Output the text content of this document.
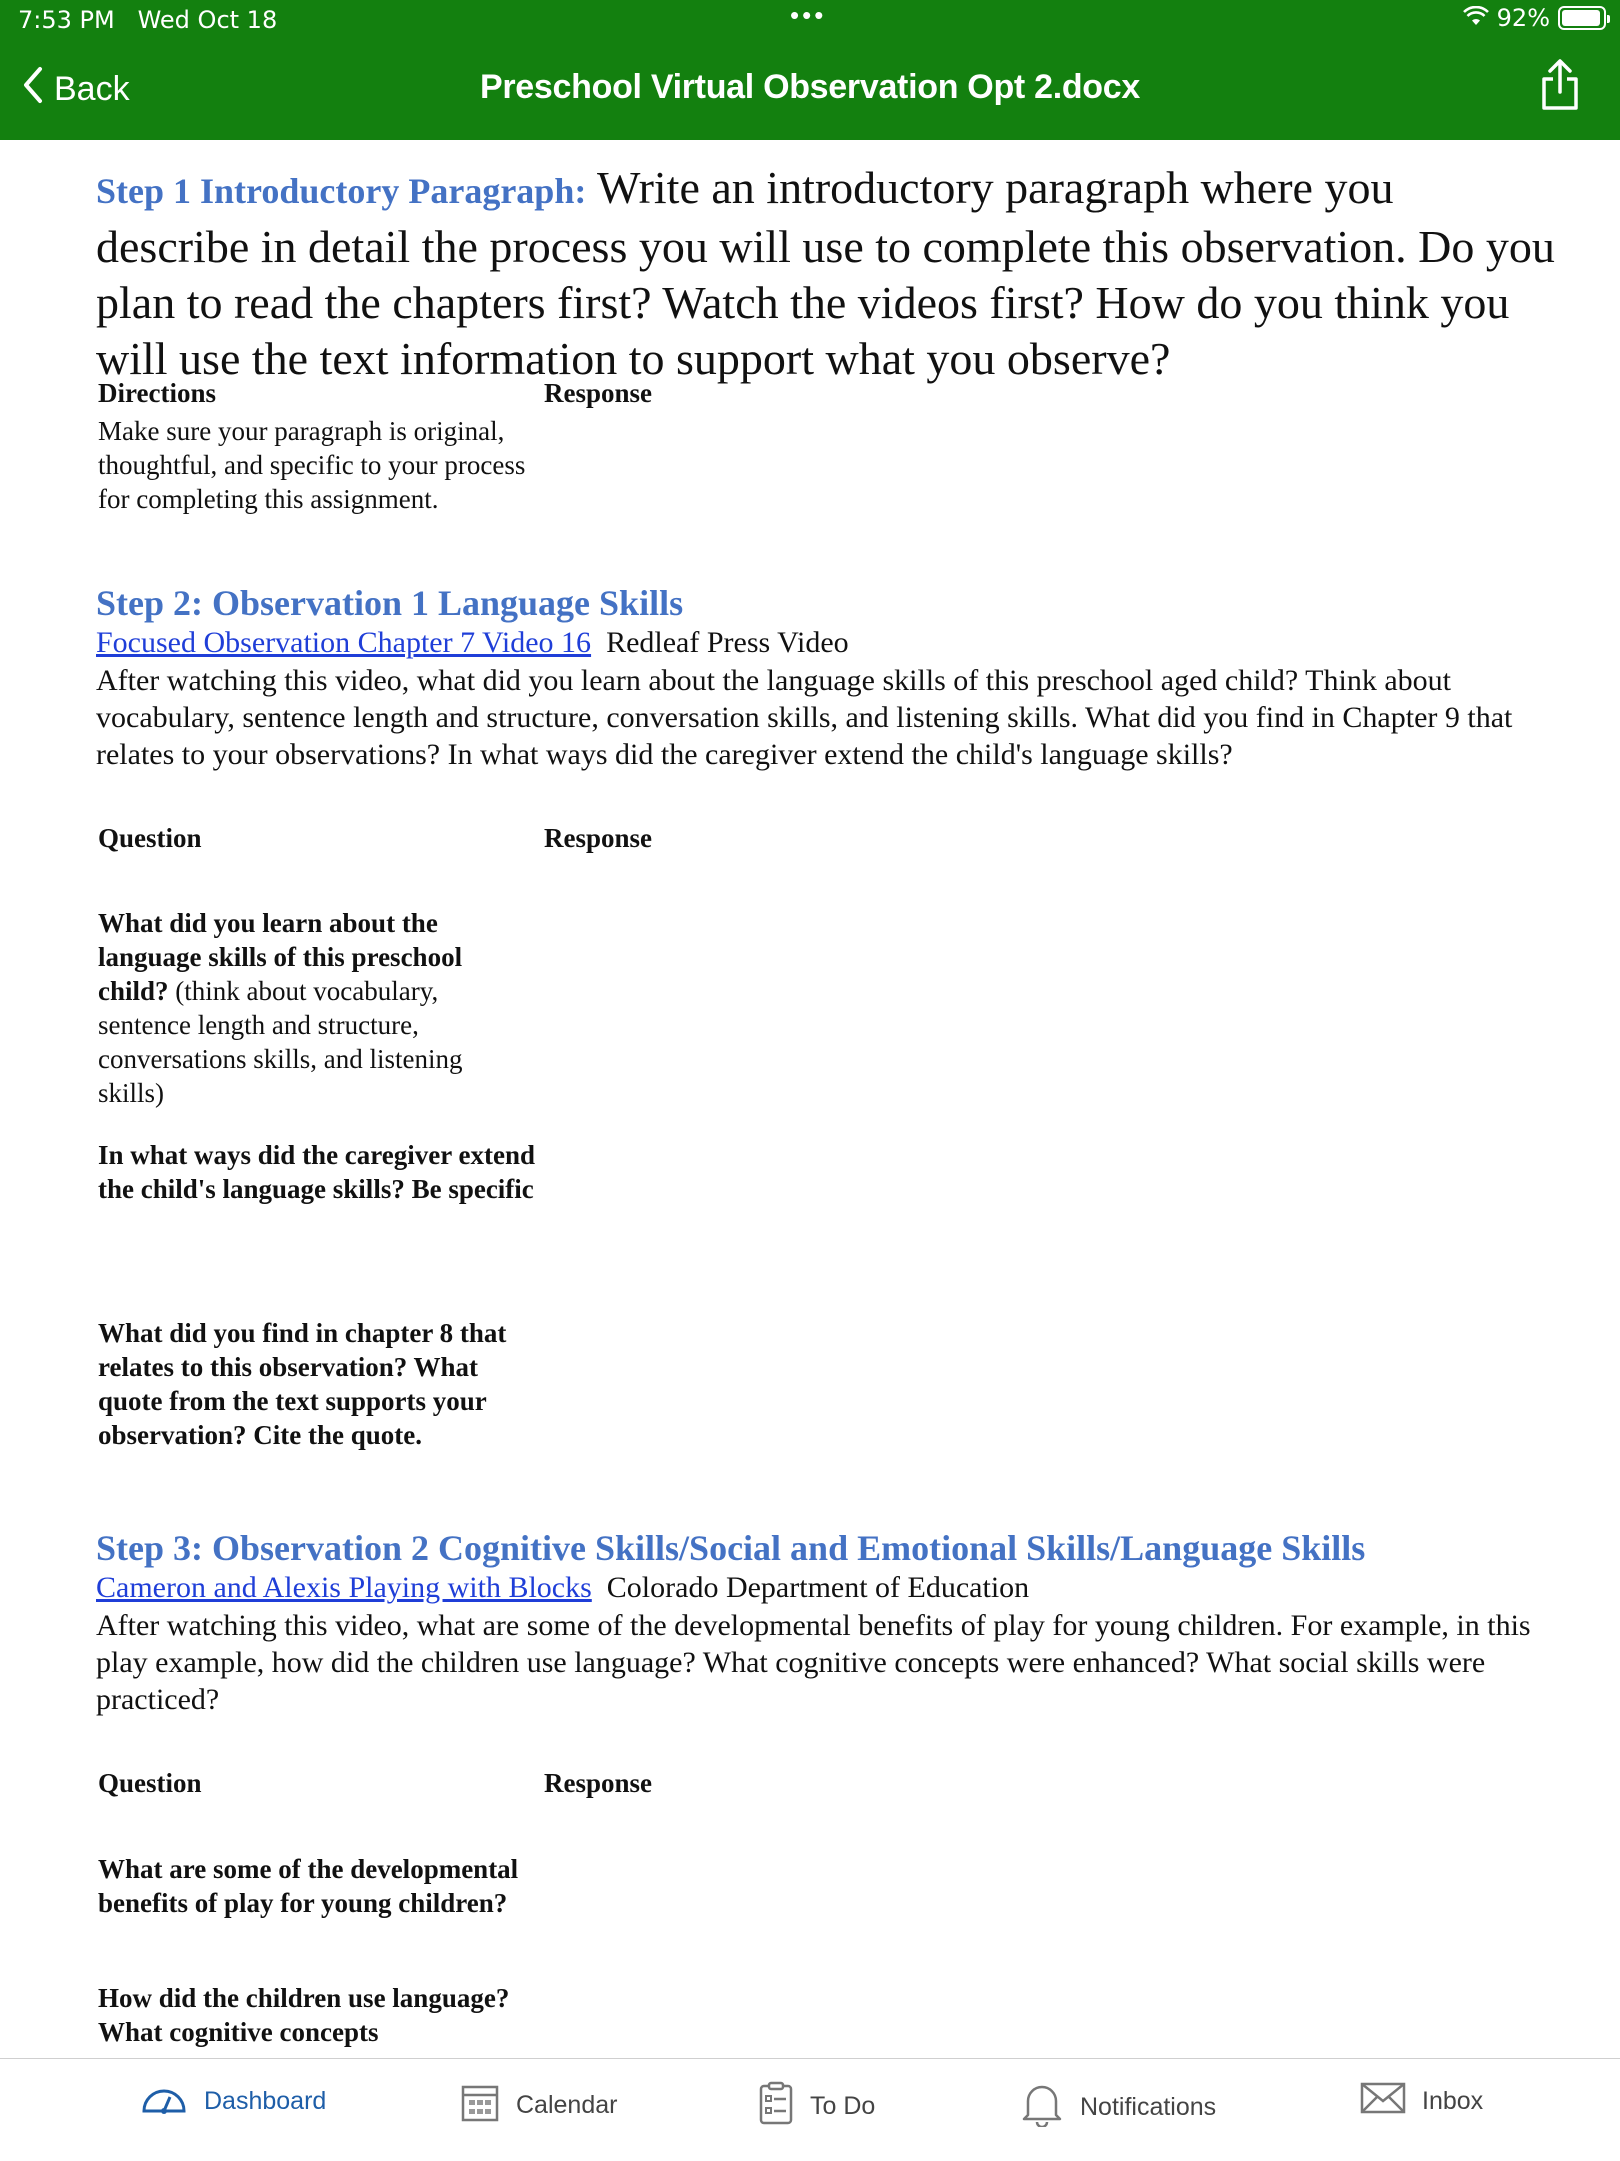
7:53 PM Wed Oct 18	•••	92%
Back	Preschool Virtual Observation Opt 2.docx

Step 1 Introductory Paragraph: Write an introductory paragraph where you describe in detail the process you will use to complete this observation. Do you plan to read the chapters first? Watch the videos first? How do you think you will use the text information to support what you observe?
Directions	Response
Make sure your paragraph is original, thoughtful, and specific to your process for completing this assignment.
Step 2: Observation 1 Language Skills
Focused Observation Chapter 7 Video 16 Redleaf Press Video
After watching this video, what did you learn about the language skills of this preschool aged child? Think about vocabulary, sentence length and structure, conversation skills, and listening skills. What did you find in Chapter 9 that relates to your observations? In what ways did the caregiver extend the child's language skills?
Question	Response
What did you learn about the language skills of this preschool child? (think about vocabulary, sentence length and structure, conversations skills, and listening skills)
In what ways did the caregiver extend the child's language skills? Be specific
What did you find in chapter 8 that relates to this observation? What quote from the text supports your observation? Cite the quote.
Step 3: Observation 2 Cognitive Skills/Social and Emotional Skills/Language Skills
Cameron and Alexis Playing with Blocks Colorado Department of Education
After watching this video, what are some of the developmental benefits of play for young children. For example, in this play example, how did the children use language? What cognitive concepts were enhanced? What social skills were practiced?
Question	Response
What are some of the developmental benefits of play for young children?
How did the children use language? What cognitive concepts
Dashboard	Calendar	To Do	Notifications	Inbox
